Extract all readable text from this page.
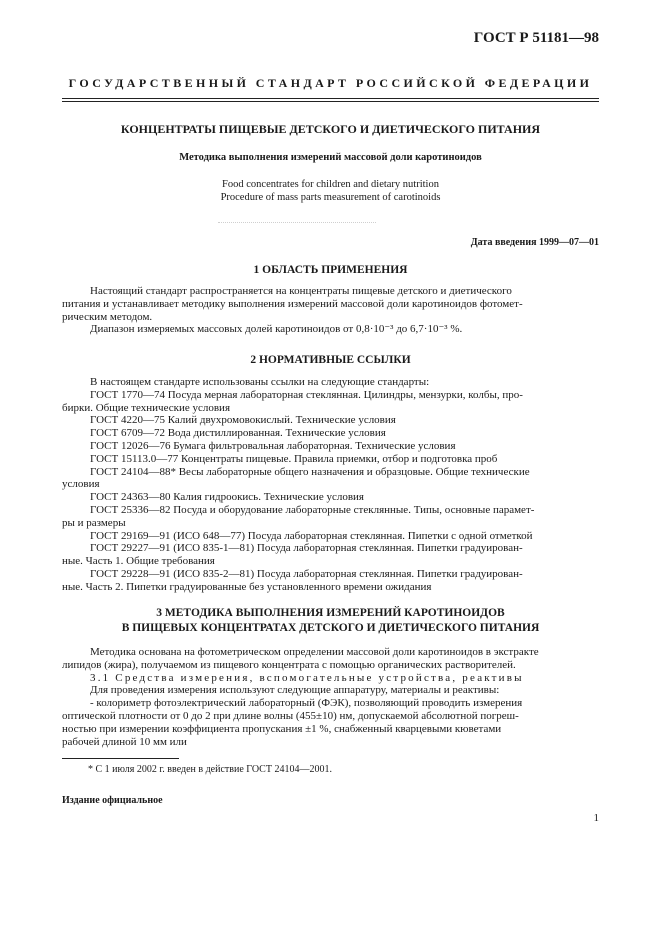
ГОСТ Р 51181—98
ГОСУДАРСТВЕННЫЙ СТАНДАРТ РОССИЙСКОЙ ФЕДЕРАЦИИ
КОНЦЕНТРАТЫ ПИЩЕВЫЕ ДЕТСКОГО И ДИЕТИЧЕСКОГО ПИТАНИЯ
Методика выполнения измерений массовой доли каротиноидов
Food concentrates for children and dietary nutrition
Procedure of mass parts measurement of carotinoids
Дата введения 1999—07—01
1 ОБЛАСТЬ ПРИМЕНЕНИЯ
Настоящий стандарт распространяется на концентраты пищевые детского и диетического
питания и устанавливает методику выполнения измерений массовой доли каротиноидов фотомет-
рическим методом.
Диапазон измеряемых массовых долей каротиноидов от 0,8·10⁻³ до 6,7·10⁻³ %.
2 НОРМАТИВНЫЕ ССЫЛКИ
В настоящем стандарте использованы ссылки на следующие стандарты:
ГОСТ 1770—74 Посуда мерная лабораторная стеклянная. Цилиндры, мензурки, колбы, про-
бирки. Общие технические условия
ГОСТ 4220—75 Калий двухромовокислый. Технические условия
ГОСТ 6709—72 Вода дистиллированная. Технические условия
ГОСТ 12026—76 Бумага фильтровальная лабораторная. Технические условия
ГОСТ 15113.0—77 Концентраты пищевые. Правила приемки, отбор и подготовка проб
ГОСТ 24104—88* Весы лабораторные общего назначения и образцовые. Общие технические
условия
ГОСТ 24363—80 Калия гидроокись. Технические условия
ГОСТ 25336—82 Посуда и оборудование лабораторные стеклянные. Типы, основные парамет-
ры и размеры
ГОСТ 29169—91 (ИСО 648—77) Посуда лабораторная стеклянная. Пипетки с одной отметкой
ГОСТ 29227—91 (ИСО 835-1—81) Посуда лабораторная стеклянная. Пипетки градуирован-
ные. Часть 1. Общие требования
ГОСТ 29228—91 (ИСО 835-2—81) Посуда лабораторная стеклянная. Пипетки градуирован-
ные. Часть 2. Пипетки градуированные без установленного времени ожидания
3 МЕТОДИКА ВЫПОЛНЕНИЯ ИЗМЕРЕНИЙ КАРОТИНОИДОВ
В ПИЩЕВЫХ КОНЦЕНТРАТАХ ДЕТСКОГО И ДИЕТИЧЕСКОГО ПИТАНИЯ
Методика основана на фотометрическом определении массовой доли каротиноидов в экстракте
липидов (жира), получаемом из пищевого концентрата с помощью органических растворителей.
3.1 Средства измерения, вспомогательные устройства, реактивы
Для проведения измерения используют следующие аппаратуру, материалы и реактивы:
- колориметр фотоэлектрический лабораторный (ФЭК), позволяющий проводить измерения
оптической плотности от 0 до 2 при длине волны (455±10) нм, допускаемой абсолютной погреш-
ностью при измерении коэффициента пропускания ±1 %, снабженный кварцевыми кюветами
рабочей длиной 10 мм или
* С 1 июля 2002 г. введен в действие ГОСТ 24104—2001.
Издание официальное
1
